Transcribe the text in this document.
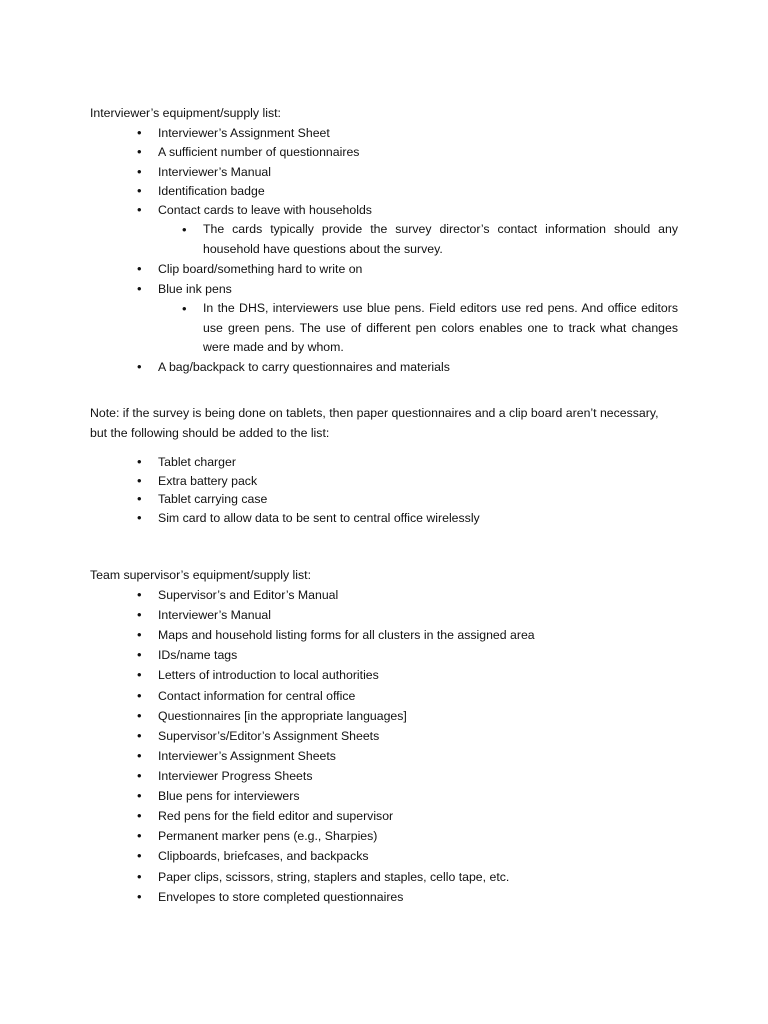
Interviewer’s equipment/supply list:
• Interviewer’s Assignment Sheet
• A sufficient number of questionnaires
• Interviewer’s Manual
• Identification badge
• Contact cards to leave with households
• The cards typically provide the survey director’s contact information should any household have questions about the survey.
• Clip board/something hard to write on
• Blue ink pens
• In the DHS, interviewers use blue pens. Field editors use red pens. And office editors use green pens. The use of different pen colors enables one to track what changes were made and by whom.
• A bag/backpack to carry questionnaires and materials
Note: if the survey is being done on tablets, then paper questionnaires and a clip board aren’t necessary, but the following should be added to the list:
• Tablet charger
• Extra battery pack
• Tablet carrying case
• Sim card to allow data to be sent to central office wirelessly
Team supervisor’s equipment/supply list:
• Supervisor’s and Editor’s Manual
• Interviewer’s Manual
• Maps and household listing forms for all clusters in the assigned area
• IDs/name tags
• Letters of introduction to local authorities
• Contact information for central office
• Questionnaires [in the appropriate languages]
• Supervisor’s/Editor’s Assignment Sheets
• Interviewer’s Assignment Sheets
• Interviewer Progress Sheets
• Blue pens for interviewers
• Red pens for the field editor and supervisor
• Permanent marker pens (e.g., Sharpies)
• Clipboards, briefcases, and backpacks
• Paper clips, scissors, string, staplers and staples, cello tape, etc.
• Envelopes to store completed questionnaires
